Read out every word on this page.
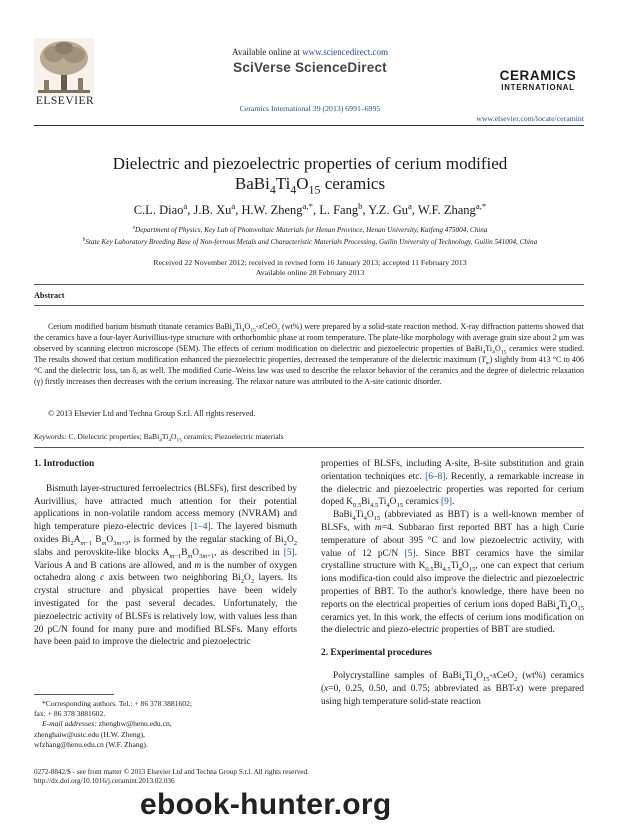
ELSEVIER
Available online at www.sciencedirect.com
SciVerse ScienceDirect
Ceramics International 39 (2013) 6991–6995
CERAMICS
INTERNATIONAL
www.elsevier.com/locate/ceramint
Dielectric and piezoelectric properties of cerium modified
$BaBi_4Ti_4O_{15}$ ceramics
C.L. Diao$^a$, J.B. Xu$^a$, H.W. Zheng$^{a,*}$, L. Fang$^b$, Y.Z. Gu$^a$, W.F. Zhang$^{a,*}$
$^a$Department of Physics, Key Lab of Photovoltaic Materials for Henan Province, Henan University, Kaifeng 475004, China
$^b$State Key Laboratory Breeding Base of Non-ferrous Metals and Characteristic Materials Processing, Guilin University of Technology, Guilin 541004, China
Received 22 November 2012; received in revised form 16 January 2013; accepted 11 February 2013
Available online 28 February 2013
Abstract
Cerium modified barium bismuth titanate ceramics $BaBi_4Ti_4O_{15}-xCeO_2$ (wt%) were prepared by a solid-state reaction method. X-ray diffraction patterns showed that the ceramics have a four-layer Aurivillius-type structure with orthorhombic phase at room temperature. The plate-like morphology with average grain size about 2 μm was observed by scanning electron microscope (SEM). The effects of cerium modification on dielectric and piezoelectric properties of $BaBi_4Ti_4O_{15}$ ceramics were studied. The results showed that cerium modification enhanced the piezoelectric properties, decreased the temperature of the dielectric maximum $(T_m)$ slightly from 413 °C to 406 °C and the dielectric loss, tan δ, as well. The modified Curie–Weiss law was used to describe the relaxor behavior of the ceramics and the degree of dielectric relaxation (γ) firstly increases then decreases with the cerium increasing. The relaxor nature was attributed to the A-site cationic disorder.
© 2013 Elsevier Ltd and Techna Group S.r.l. All rights reserved.
Keywords: C. Dielectric properties; $BaBi_4Ti_4O_{15}$ ceramics; Piezoelectric materials
1. Introduction

Bismuth layer-structured ferroelectrics (BLSFs), first described by Aurivillius, have attracted much attention for their potential applications in non-volatile random access memory (NVRAM) and high temperature piezo-electric devices [1–4]. The layered bismuth oxides $Bi_2A_{m-1}$ $B_mO_{3m+3}$, is formed by the regular stacking of $Bi_2O_2$ slabs and perovskite-like blocks $A_{m-1}B_mO_{3m+1}$, as described in [5]. Various A and B cations are allowed, and m is the number of oxygen octahedra along c axis between two neighboring $Bi_2O_2$ layers. Its crystal structure and physical properties have been widely investigated for the past several decades. Unfortunately, the piezoelectric activity of BLSFs is relatively low, with values less than 20 pC/N found for many pure and modified BLSFs. Many efforts have been paid to improve the dielectric and piezoelectric

*Corresponding authors. Tel.: + 86 378 3881602;
fax: + 86 378 3881602.
E-mail addresses: zhenghw@henu.edu.cn,
zhenghaiw@ustc.edu (H.W. Zheng),
wfzhang@henu.edu.cn (W.F. Zhang).

properties of BLSFs, including A-site, B-site substitution and grain orientation techniques etc. [6–8]. Recently, a remarkable increase in the dielectric and piezoelectric properties was reported for cerium doped $K_{0.5}Bi_{4.5}Ti_4O_{15}$ ceramics [9].

$BaBi_4Ti_4O_{15}$ (abbreviated as BBT) is a well-known member of BLSFs, with m=4. Subbarao first reported BBT has a high Curie temperature of about 395 °C and low piezoelectric activity, with value of 12 pC/N [5]. Since BBT ceramics have the similar crystalline structure with $K_{0.5}Bi_{4.5}Ti_4O_{15}$, one can expect that cerium ions modifica-tion could also improve the dielectric and piezoelectric properties of BBT. To the author's knowledge, there have been no reports on the electrical properties of cerium ions doped $BaBi_4Ti_4O_{15}$ ceramics yet. In this work, the effects of cerium ions modification on the dielectric and piezo-electric properties of BBT are studied.

2. Experimental procedures

Polycrystalline samples of $BaBi_4Ti_4O_{15}-xCeO_2$ (wt%) ceramics (x=0, 0.25, 0.50, and 0.75; abbreviated as BBT-x) were prepared using high temperature solid-state reaction

0272-8842/$ - see front matter © 2013 Elsevier Ltd and Techna Group S.r.l. All rights reserved.
http://dx.doi.org/10.1016/j.ceramint.2013.02.036
ebook-hunter.org
